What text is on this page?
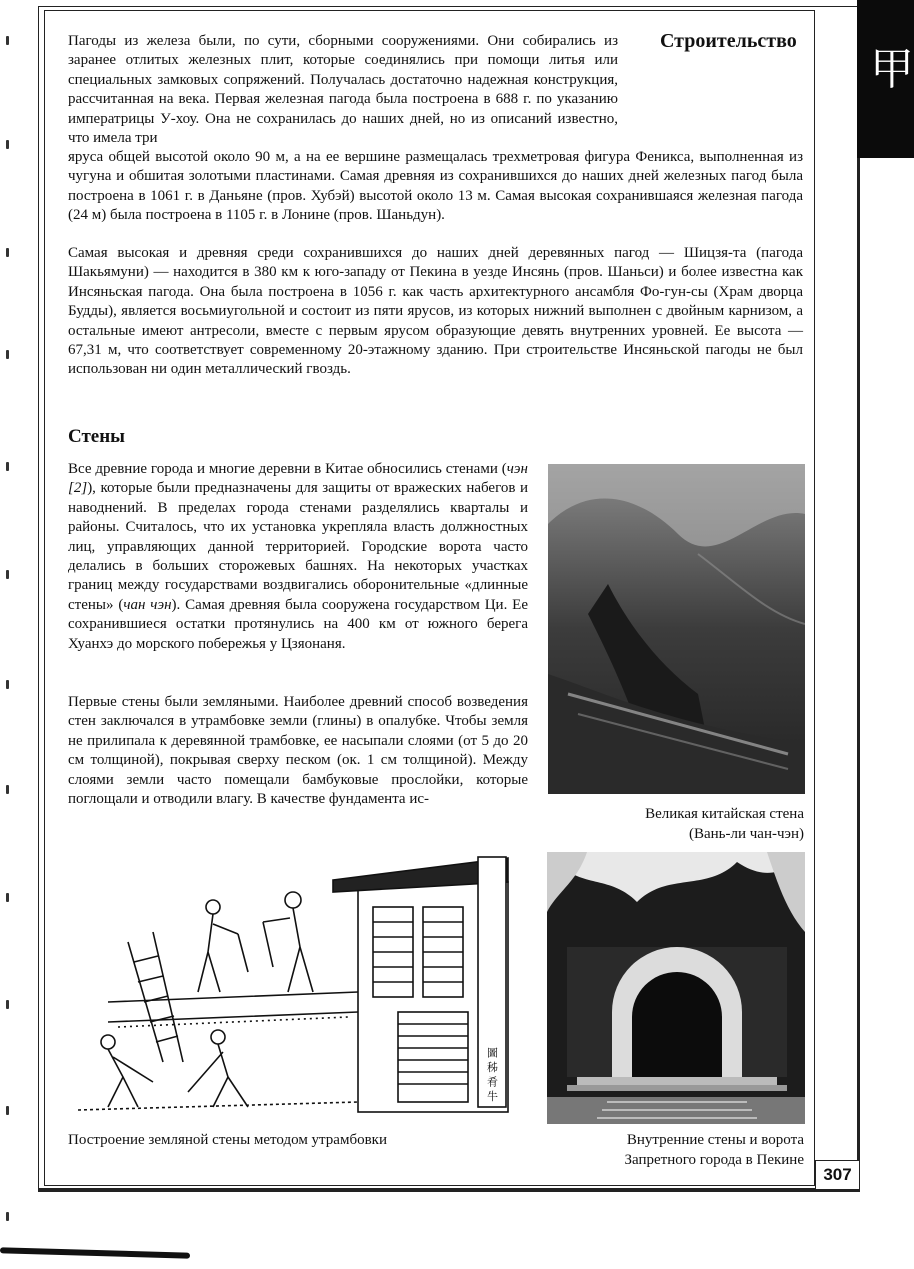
甲
Строительство

Пагоды из железа были, по сути, сборными сооружениями. Они собирались из заранее отлитых железных плит, которые соединялись при помощи литья или специальных замковых сопряжений. Получалась достаточно надежная конструкция, рассчитанная на века. Первая железная пагода была построена в 688 г. по указанию императрицы У-хоу. Она не сохранилась до наших дней, но из описаний известно, что имела три

яруса общей высотой около 90 м, а на ее вершине размещалась трехметровая фигура Феникса, выполненная из чугуна и обшитая золотыми пластинами. Самая древняя из сохранившихся до наших дней железных пагод была построена в 1061 г. в Даньяне (пров. Хубэй) высотой около 13 м. Самая высокая сохранившаяся железная пагода (24 м) была построена в 1105 г. в Лонине (пров. Шаньдун).

Самая высокая и древняя среди сохранившихся до наших дней деревянных пагод — Шицзя-та (пагода Шакьямуни) — находится в 380 км к юго-западу от Пекина в уезде Инсянь (пров. Шаньси) и более известна как Инсяньская пагода. Она была построена в 1056 г. как часть архитектурного ансамбля Фо-гун-сы (Храм дворца Будды), является восьмиугольной и состоит из пяти ярусов, из которых нижний выполнен с двойным карнизом, а остальные имеют антресоли, вместе с первым ярусом образующие девять внутренних уровней. Ее высота — 67,31 м, что соответствует современному 20-этажному зданию. При строительстве Инсяньской пагоды не был использован ни один металлический гвоздь.

Стены

Все древние города и многие деревни в Китае обносились стенами (чэн [2]), которые были предназначены для защиты от вражеских набегов и наводнений. В пределах города стенами разделялись кварталы и районы. Считалось, что их установка укрепляла власть должностных лиц, управляющих данной территорией. Городские ворота часто делались в больших сторожевых башнях. На некоторых участках границ между государствами воздвигались оборонительные «длинные стены» (чан чэн). Самая древняя была сооружена государством Ци. Ее сохранившиеся остатки протянулись на 400 км от южного берега Хуанхэ до морского побережья у Цзяонаня.

Первые стены были земляными. Наиболее древний способ возведения стен заключался в утрамбовке земли (глины) в опалубке. Чтобы земля не прилипала к деревянной трамбовке, ее насыпали слоями (от 5 до 20 см толщиной), покрывая сверху песком (ок. 1 см толщиной). Между слоями земли часто помещали бамбуковые прослойки, которые поглощали и отводили влагу. В качестве фундамента ис-

Великая китайская стена
(Вань-ли чан-чэн)
圖 秭 肴 牛
Построение земляной стены методом утрамбовки	Внутренние стены и ворота
Запретного города в Пекине
307
